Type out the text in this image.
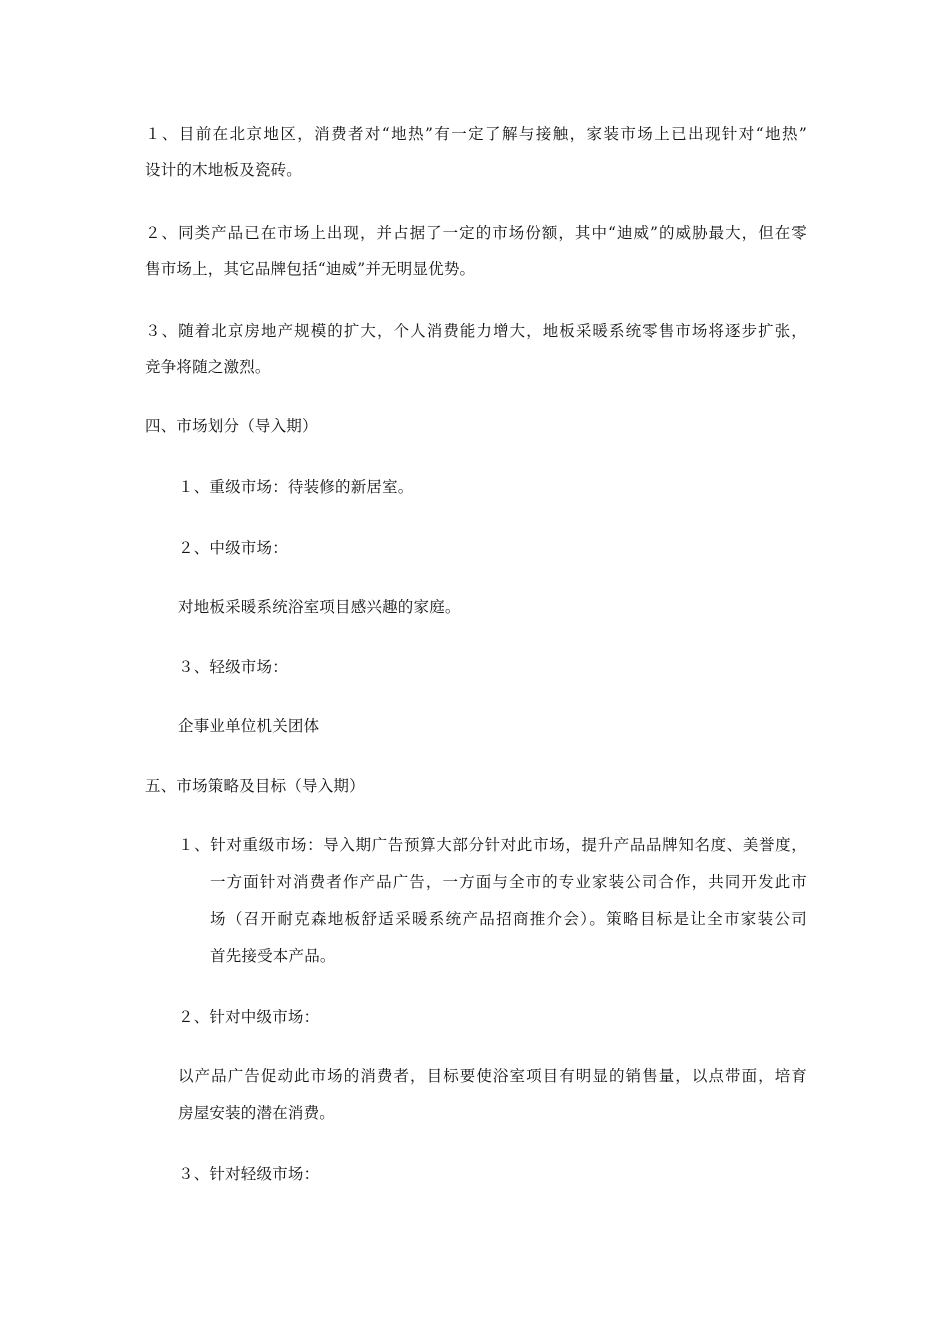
１、目前在北京地区，消费者对“地热”有一定了解与接触，家装市场上已出现针对“地热”
设计的木地板及瓷砖。
２、同类产品已在市场上出现，并占据了一定的市场份额，其中“迪威”的威胁最大，但在零
售市场上，其它品牌包括“迪威”并无明显优势。
３、随着北京房地产规模的扩大，个人消费能力增大，地板采暖系统零售市场将逐步扩张，
竞争将随之激烈。
四、市场划分（导入期）
１、重级市场：待装修的新居室。
２、中级市场：
对地板采暖系统浴室项目感兴趣的家庭。
３、轻级市场：
企事业单位机关团体
五、市场策略及目标（导入期）
１、针对重级市场：导入期广告预算大部分针对此市场，提升产品品牌知名度、美誉度，
一方面针对消费者作产品广告，一方面与全市的专业家装公司合作，共同开发此市
场（召开耐克森地板舒适采暖系统产品招商推介会）。策略目标是让全市家装公司
首先接受本产品。
２、针对中级市场：
以产品广告促动此市场的消费者，目标要使浴室项目有明显的销售量，以点带面，培育
房屋安装的潜在消费。
３、针对轻级市场：
